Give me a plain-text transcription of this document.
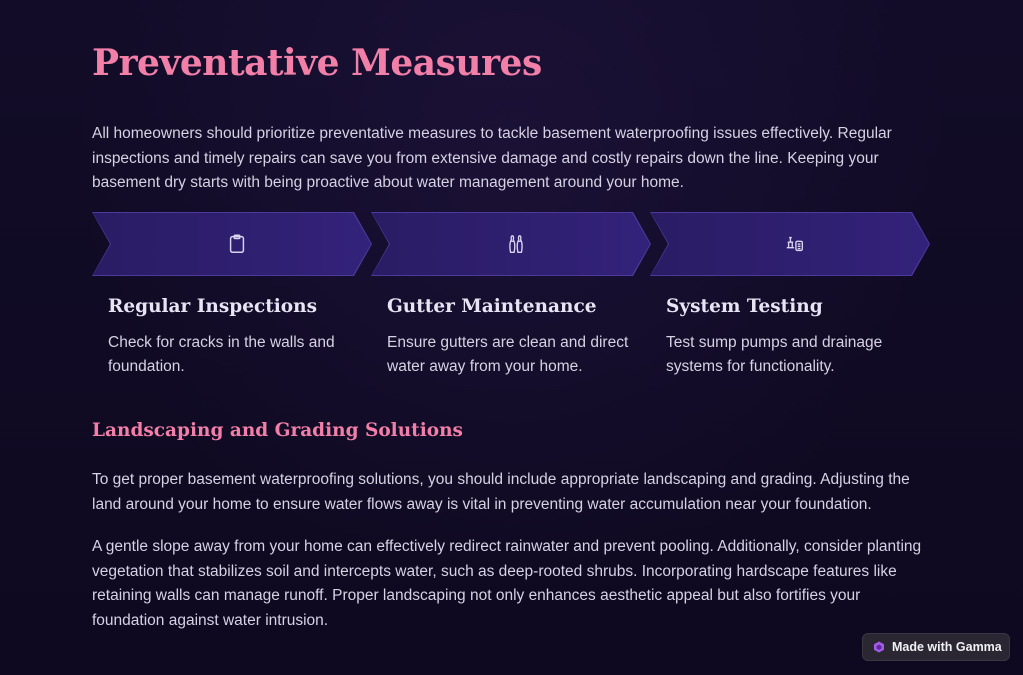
Preventative Measures

All homeowners should prioritize preventative measures to tackle basement waterproofing issues effectively. Regular inspections and timely repairs can save you from extensive damage and costly repairs down the line. Keeping your basement dry starts with being proactive about water management around your home.

Regular Inspections

Check for cracks in the walls and foundation.

Gutter Maintenance

Ensure gutters are clean and direct water away from your home.

System Testing

Test sump pumps and drainage systems for functionality.

Landscaping and Grading Solutions

To get proper basement waterproofing solutions, you should include appropriate landscaping and grading. Adjusting the land around your home to ensure water flows away is vital in preventing water accumulation near your foundation.

A gentle slope away from your home can effectively redirect rainwater and prevent pooling. Additionally, consider planting vegetation that stabilizes soil and intercepts water, such as deep-rooted shrubs. Incorporating hardscape features like retaining walls can manage runoff. Proper landscaping not only enhances aesthetic appeal but also fortifies your foundation against water intrusion.

Made with Gamma
